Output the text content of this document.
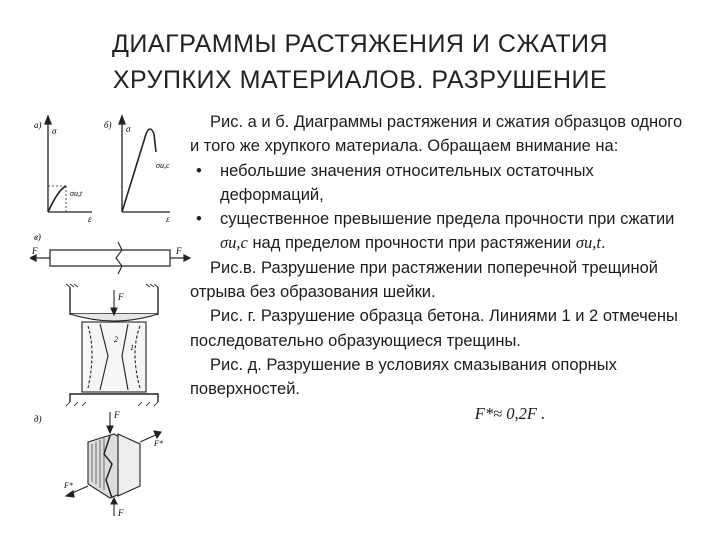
ДИАГРАММЫ РАСТЯЖЕНИЯ И СЖАТИЯ
ХРУПКИХ МАТЕРИАЛОВ. РАЗРУШЕНИЕ
а)
σ
σu,t
ε
б) σ
σu,c
ε
в)
F	F
F
1
2
д)	F
F*
F*
F

Рис. а и б. Диаграммы растяжения и сжатия образцов одного и того же хрупкого материала. Обращаем внимание на:

• небольшие значения относительных остаточных деформаций,

• существенное превышение предела прочности при сжатии σu,c над пределом прочности при растяжении σu,t.

Рис.в. Разрушение при растяжении поперечной трещиной отрыва без образования шейки.

Рис. г. Разрушение образца бетона. Линиями 1 и 2 отмечены последовательно образующиеся трещины.

Рис. д. Разрушение в условиях смазывания опорных поверхностей.

F*≈ 0,2F .
